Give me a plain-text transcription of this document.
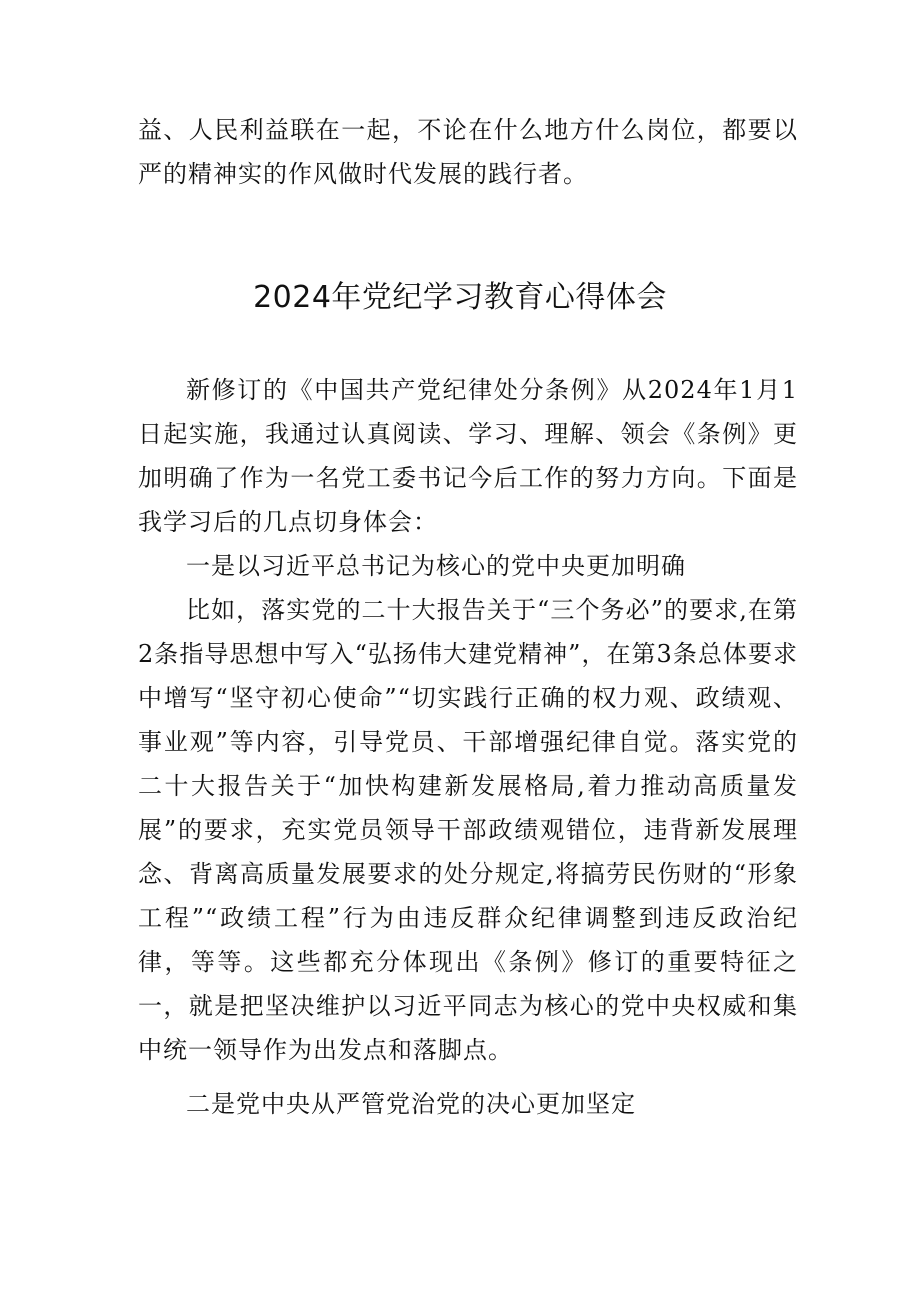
益、人民利益联在一起，不论在什么地方什么岗位，都要以严的精神实的作风做时代发展的践行者。

2024年党纪学习教育心得体会

新修订的《中国共产党纪律处分条例》从2024年1月1日起实施，我通过认真阅读、学习、理解、领会《条例》更加明确了作为一名党工委书记今后工作的努力方向。下面是我学习后的几点切身体会：

一是以习近平总书记为核心的党中央更加明确

比如，落实党的二十大报告关于“三个务必”的要求,在第2条指导思想中写入“弘扬伟大建党精神”，在第3条总体要求中增写“坚守初心使命”“切实践行正确的权力观、政绩观、事业观”等内容，引导党员、干部增强纪律自觉。落实党的二十大报告关于“加快构建新发展格局,着力推动高质量发展”的要求，充实党员领导干部政绩观错位，违背新发展理念、背离高质量发展要求的处分规定,将搞劳民伤财的“形象工程”“政绩工程”行为由违反群众纪律调整到违反政治纪律，等等。这些都充分体现出《条例》修订的重要特征之一，就是把坚决维护以习近平同志为核心的党中央权威和集中统一领导作为出发点和落脚点。

二是党中央从严管党治党的决心更加坚定
